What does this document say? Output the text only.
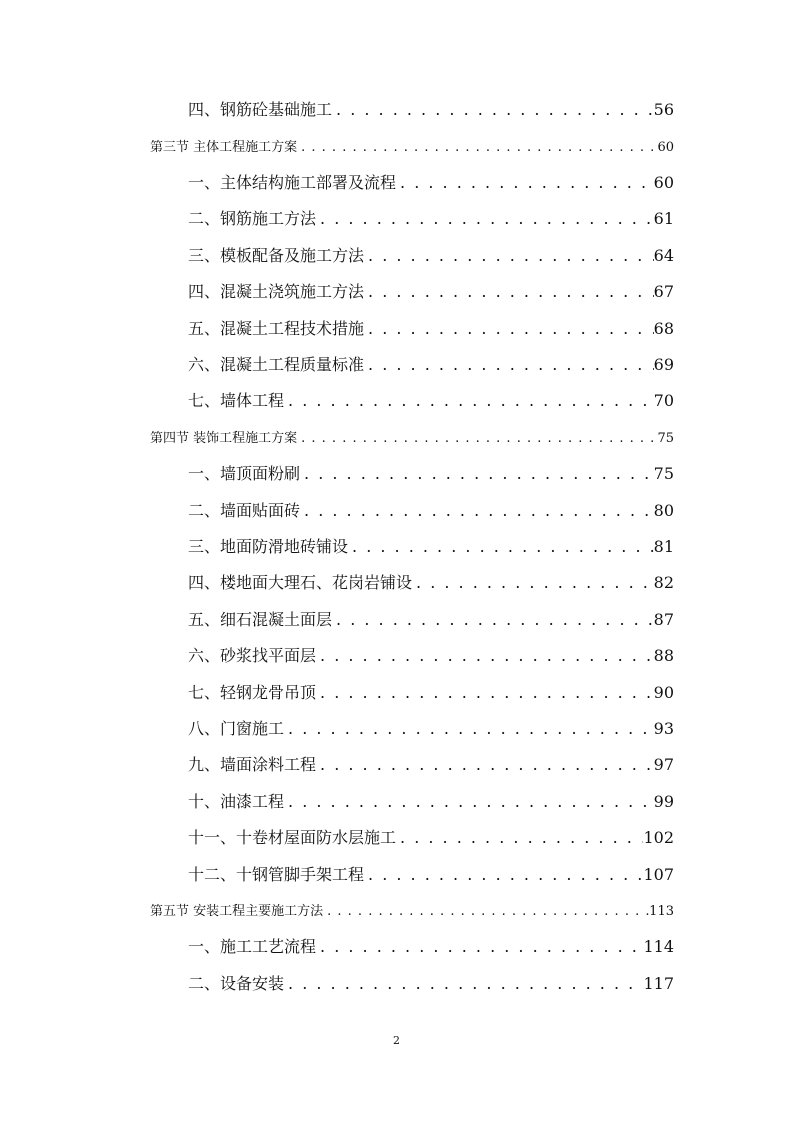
四、钢筋砼基础施工 . . .	56
第三节 主体工程施工方案 . . .	60
一、主体结构施工部署及流程 . . .	60
二、钢筋施工方法 . . .	61
三、模板配备及施工方法 . . .	64
四、混凝土浇筑施工方法 . . .	67
五、混凝土工程技术措施 . . .	68
六、混凝土工程质量标准 . . .	69
七、墙体工程 . . .	70
第四节 装饰工程施工方案 . . .	75
一、墙顶面粉刷 . . .	75
二、墙面贴面砖 . . .	80
三、地面防滑地砖铺设 . . .	81
四、楼地面大理石、花岗岩铺设 . . .	82
五、细石混凝土面层 . . .	87
六、砂浆找平面层 . . .	88
七、轻钢龙骨吊顶 . . .	90
八、门窗施工 . . .	93
九、墙面涂料工程 . . .	97
十、油漆工程 . . .	99
十一、十卷材屋面防水层施工 . . .	102
十二、十钢管脚手架工程 . . .	107
第五节 安装工程主要施工方法 . . .	113
一、施工工艺流程 . . .	114
二、设备安装 . . .	117
2
